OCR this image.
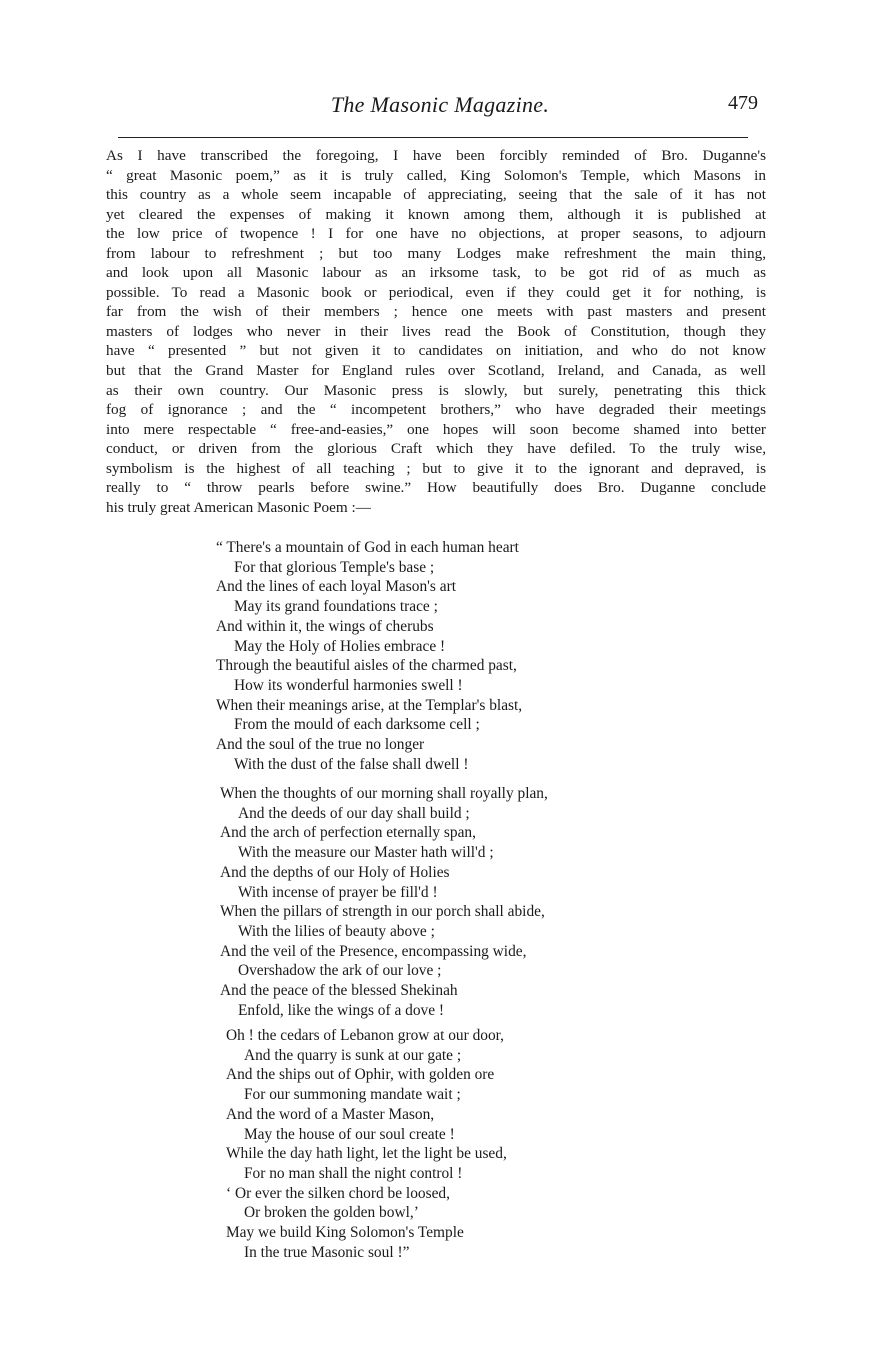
The Masonic Magazine.	479
As I have transcribed the foregoing, I have been forcibly reminded of Bro. Duganne's
“ great Masonic poem,” as it is truly called, King Solomon's Temple, which Masons in
this country as a whole seem incapable of appreciating, seeing that the sale of it has not
yet cleared the expenses of making it known among them, although it is published at
the low price of twopence ! I for one have no objections, at proper seasons, to adjourn
from labour to refreshment ; but too many Lodges make refreshment the main thing,
and look upon all Masonic labour as an irksome task, to be got rid of as much as
possible. To read a Masonic book or periodical, even if they could get it for nothing, is
far from the wish of their members ; hence one meets with past masters and present
masters of lodges who never in their lives read the Book of Constitution, though they
have “ presented ” but not given it to candidates on initiation, and who do not know
but that the Grand Master for England rules over Scotland, Ireland, and Canada, as well
as their own country. Our Masonic press is slowly, but surely, penetrating this thick
fog of ignorance ; and the “ incompetent brothers,” who have degraded their meetings
into mere respectable “ free-and-easies,” one hopes will soon become shamed into better
conduct, or driven from the glorious Craft which they have defiled. To the truly wise,
symbolism is the highest of all teaching ; but to give it to the ignorant and depraved, is
really to “ throw pearls before swine.” How beautifully does Bro. Duganne conclude
his truly great American Masonic Poem :—
“ There's a mountain of God in each human heart
For that glorious Temple's base ;
And the lines of each loyal Mason's art
May its grand foundations trace ;
And within it, the wings of cherubs
May the Holy of Holies embrace !
Through the beautiful aisles of the charmed past,
How its wonderful harmonies swell !
When their meanings arise, at the Templar's blast,
From the mould of each darksome cell ;
And the soul of the true no longer
With the dust of the false shall dwell !
When the thoughts of our morning shall royally plan,
And the deeds of our day shall build ;
And the arch of perfection eternally span,
With the measure our Master hath will'd ;
And the depths of our Holy of Holies
With incense of prayer be fill'd !
When the pillars of strength in our porch shall abide,
With the lilies of beauty above ;
And the veil of the Presence, encompassing wide,
Overshadow the ark of our love ;
And the peace of the blessed Shekinah
Enfold, like the wings of a dove !
Oh ! the cedars of Lebanon grow at our door,
And the quarry is sunk at our gate ;
And the ships out of Ophir, with golden ore
For our summoning mandate wait ;
And the word of a Master Mason,
May the house of our soul create !
While the day hath light, let the light be used,
For no man shall the night control !
‘ Or ever the silken chord be loosed,
Or broken the golden bowl,’
May we build King Solomon's Temple
In the true Masonic soul !”
